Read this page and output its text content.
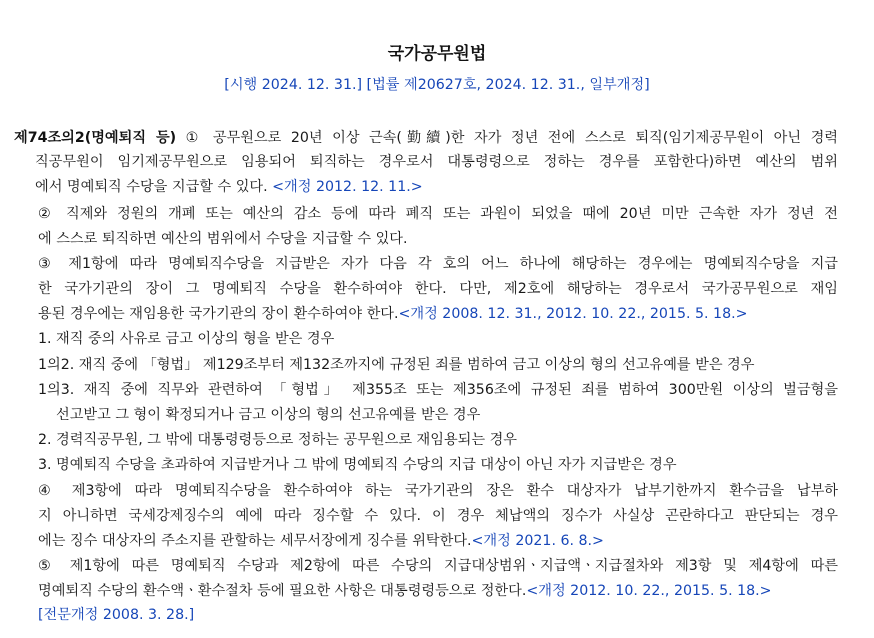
국가공무원법
[시행 2024. 12. 31.] [법률 제20627호, 2024. 12. 31., 일부개정]
제74조의2(명예퇴직 등) ① 공무원으로 20년 이상 근속(勤續)한 자가 정년 전에 스스로 퇴직(임기제공무원이 아닌 경력
직공무원이 임기제공무원으로 임용되어 퇴직하는 경우로서 대통령령으로 정하는 경우를 포함한다)하면 예산의 범위
에서 명예퇴직 수당을 지급할 수 있다. <개정 2012. 12. 11.>
② 직제와 정원의 개폐 또는 예산의 감소 등에 따라 폐직 또는 과원이 되었을 때에 20년 미만 근속한 자가 정년 전
에 스스로 퇴직하면 예산의 범위에서 수당을 지급할 수 있다.
③ 제1항에 따라 명예퇴직수당을 지급받은 자가 다음 각 호의 어느 하나에 해당하는 경우에는 명예퇴직수당을 지급
한 국가기관의 장이 그 명예퇴직 수당을 환수하여야 한다. 다만, 제2호에 해당하는 경우로서 국가공무원으로 재임
용된 경우에는 재임용한 국가기관의 장이 환수하여야 한다.<개정 2008. 12. 31., 2012. 10. 22., 2015. 5. 18.>
1. 재직 중의 사유로 금고 이상의 형을 받은 경우
1의2. 재직 중에 「형법」 제129조부터 제132조까지에 규정된 죄를 범하여 금고 이상의 형의 선고유예를 받은 경우
1의3. 재직 중에 직무와 관련하여 「형법」 제355조 또는 제356조에 규정된 죄를 범하여 300만원 이상의 벌금형을
선고받고 그 형이 확정되거나 금고 이상의 형의 선고유예를 받은 경우
2. 경력직공무원, 그 밖에 대통령령등으로 정하는 공무원으로 재임용되는 경우
3. 명예퇴직 수당을 초과하여 지급받거나 그 밖에 명예퇴직 수당의 지급 대상이 아닌 자가 지급받은 경우
④ 제3항에 따라 명예퇴직수당을 환수하여야 하는 국가기관의 장은 환수 대상자가 납부기한까지 환수금을 납부하
지 아니하면 국세강제징수의 예에 따라 징수할 수 있다. 이 경우 체납액의 징수가 사실상 곤란하다고 판단되는 경우
에는 징수 대상자의 주소지를 관할하는 세무서장에게 징수를 위탁한다.<개정 2021. 6. 8.>
⑤ 제1항에 따른 명예퇴직 수당과 제2항에 따른 수당의 지급대상범위ㆍ지급액ㆍ지급절차와 제3항 및 제4항에 따른
명예퇴직 수당의 환수액ㆍ환수절차 등에 필요한 사항은 대통령령등으로 정한다.<개정 2012. 10. 22., 2015. 5. 18.>
[전문개정 2008. 3. 28.]
